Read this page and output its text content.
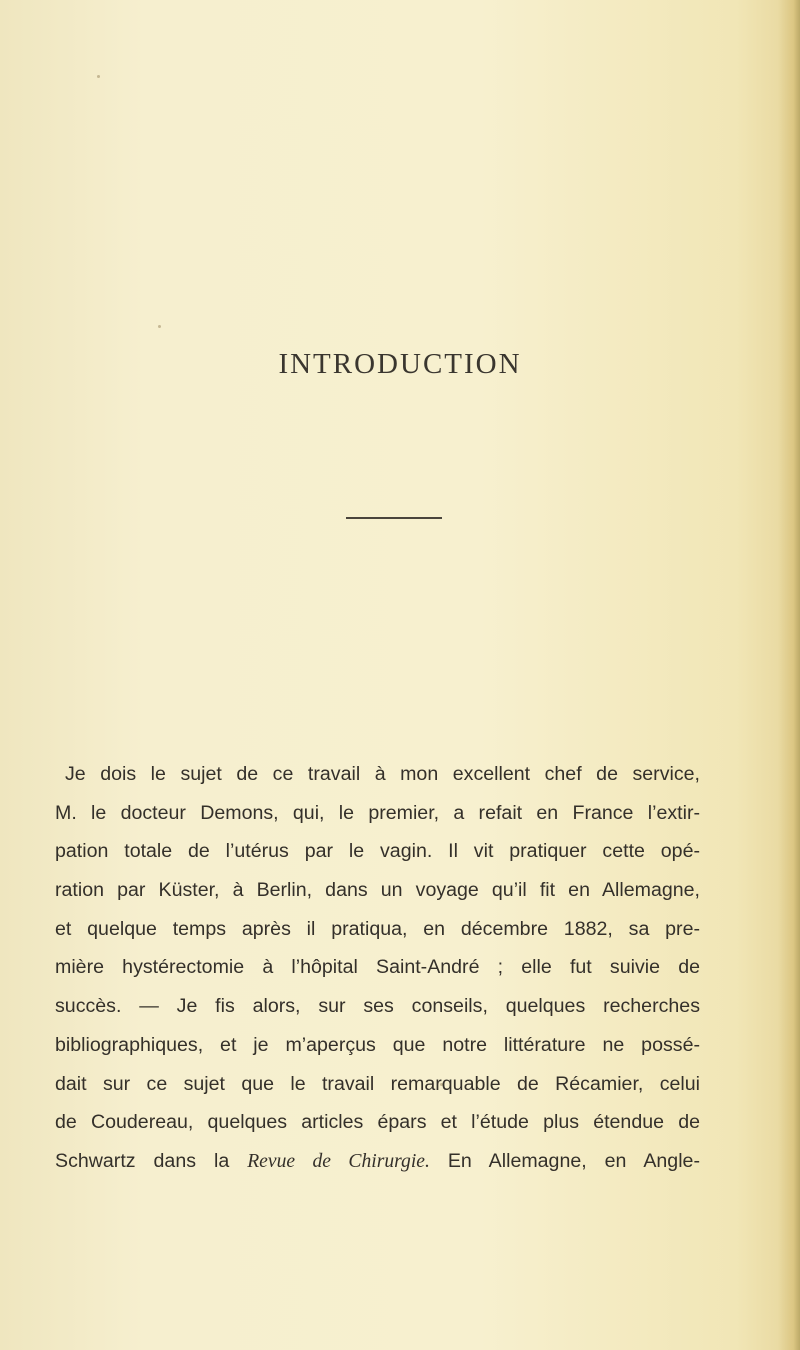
INTRODUCTION
Je dois le sujet de ce travail à mon excellent chef de service,
M. le docteur Demons, qui, le premier, a refait en France l’extir-
pation totale de l’utérus par le vagin. Il vit pratiquer cette opé-
ration par Küster, à Berlin, dans un voyage qu’il fit en Allemagne,
et quelque temps après il pratiqua, en décembre 1882, sa pre-
mière hystérectomie à l’hôpital Saint-André ; elle fut suivie de
succès. — Je fis alors, sur ses conseils, quelques recherches
bibliographiques, et je m’aperçus que notre littérature ne possé-
dait sur ce sujet que le travail remarquable de Récamier, celui
de Coudereau, quelques articles épars et l’étude plus étendue de
Schwartz dans la Revue de Chirurgie. En Allemagne, en Angle-
